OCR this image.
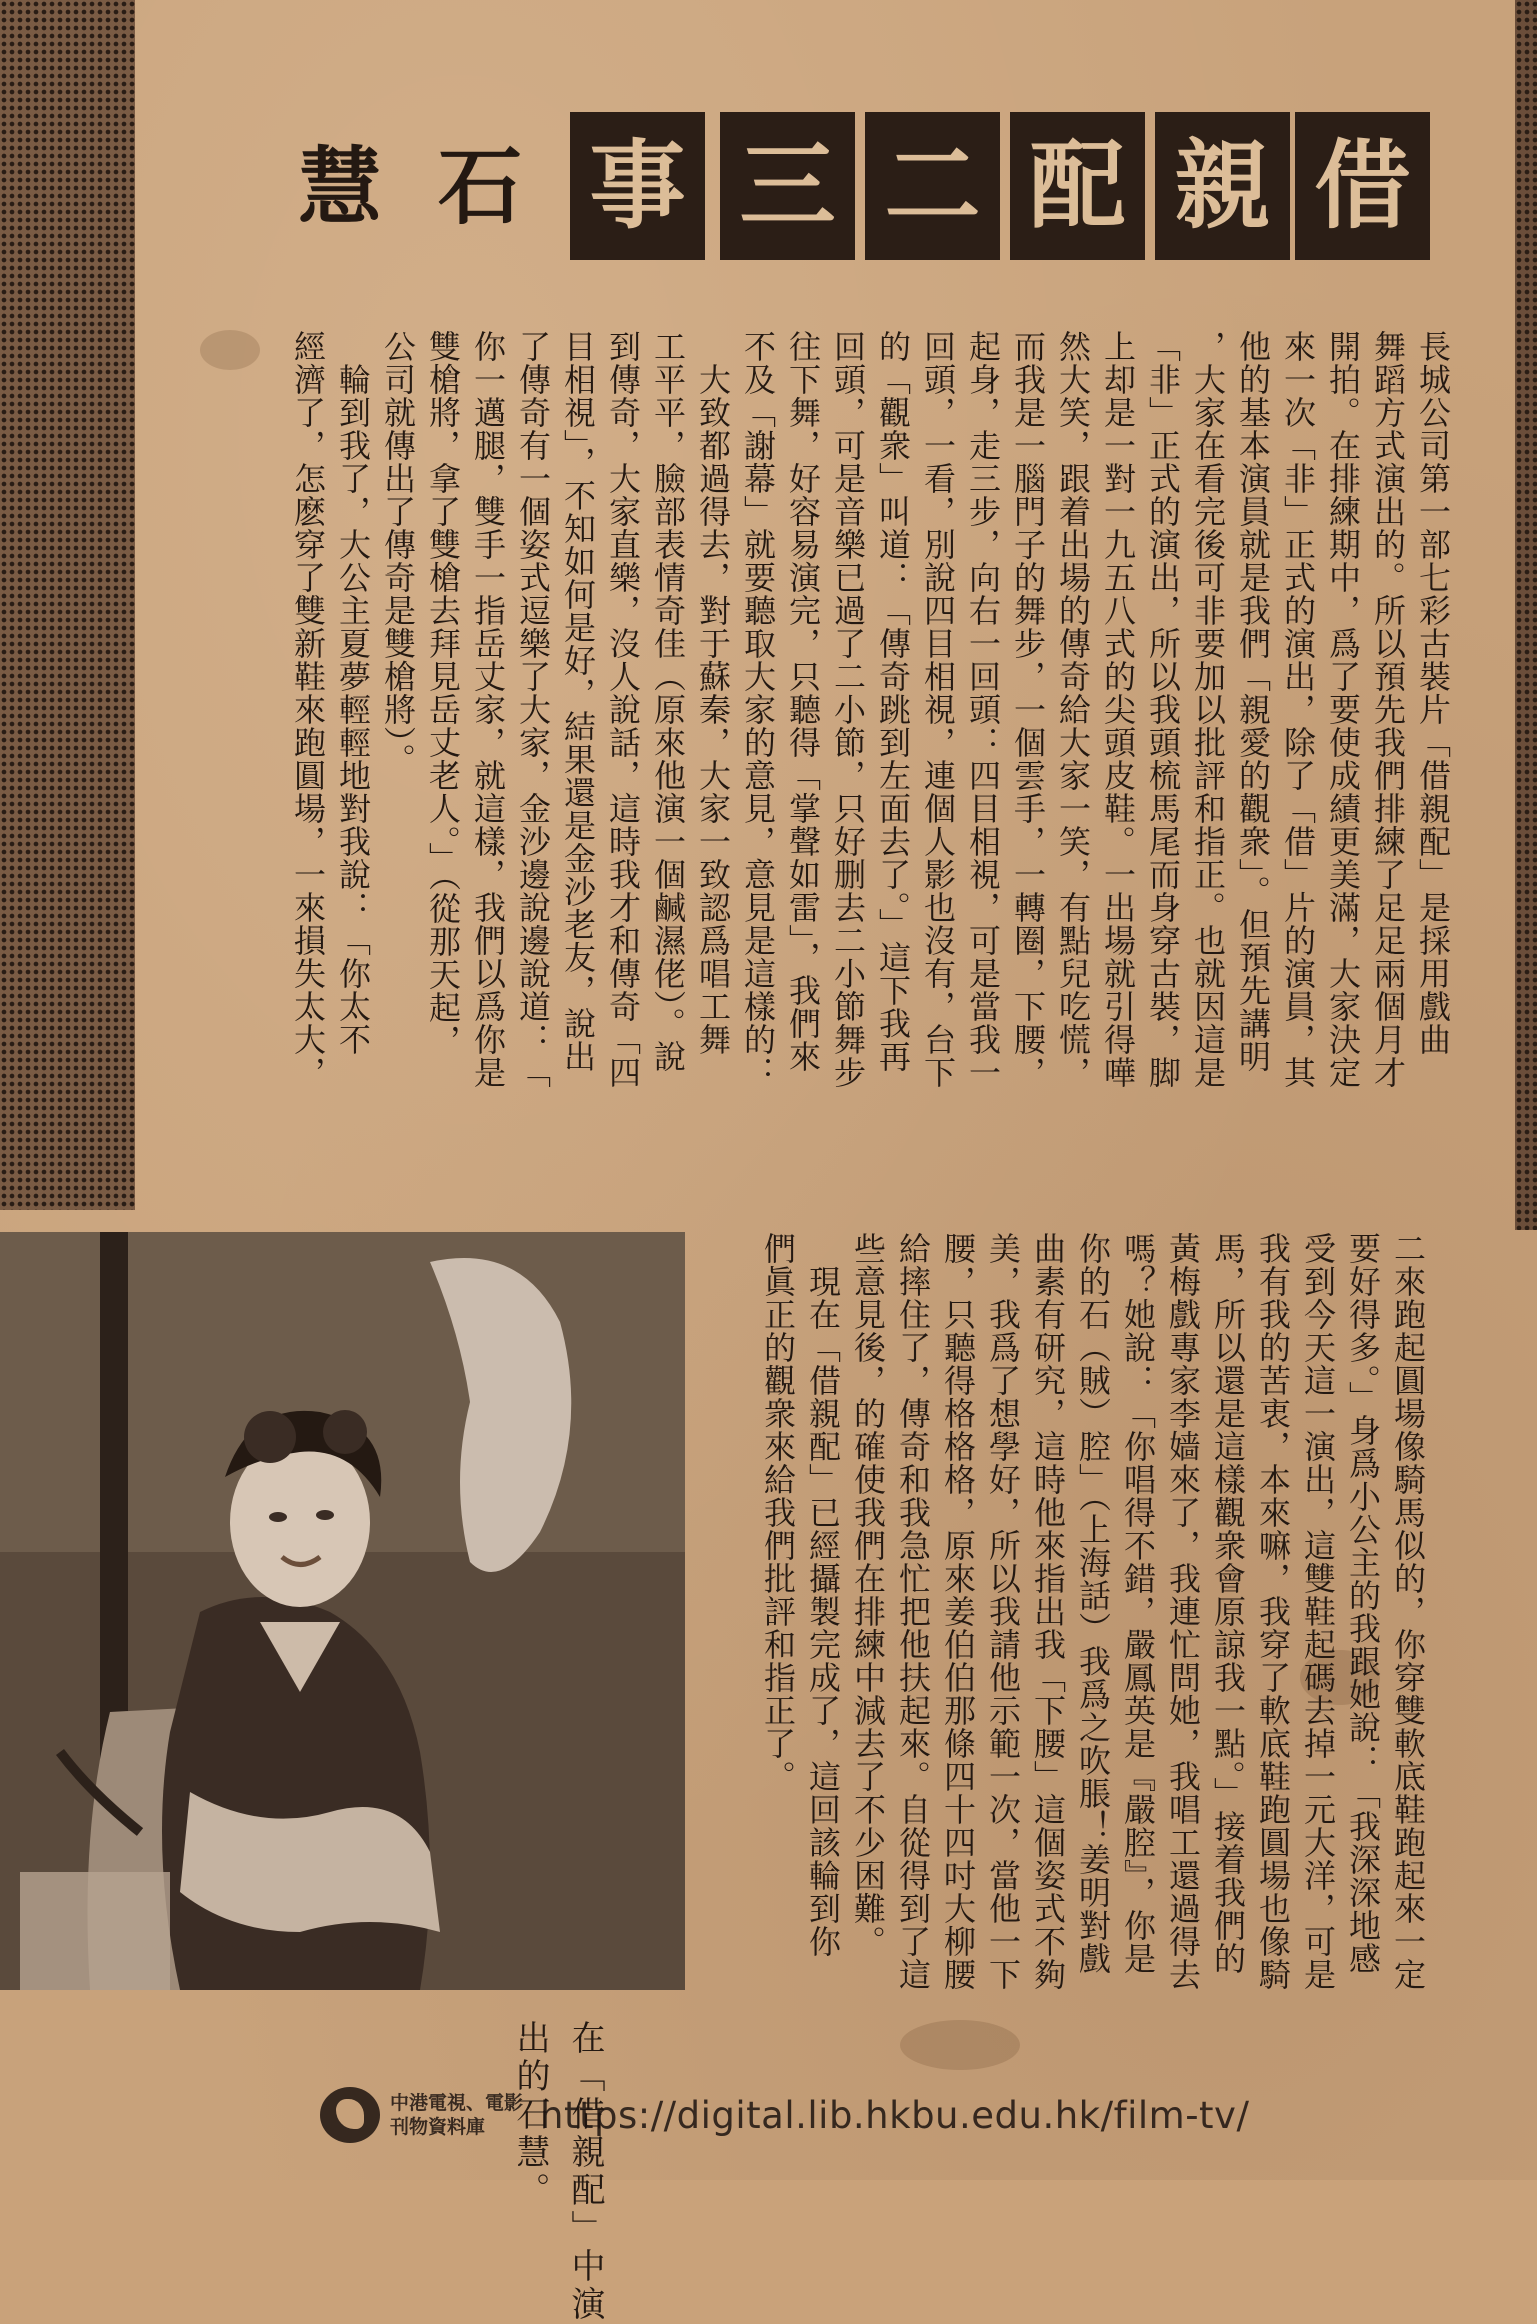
慧 石 事 三 二 配 親 借
長城公司第一部七彩古裝片「借親配」是採用戲曲
舞蹈方式演出的。所以預先我們排練了足足兩個月才
開拍。在排練期中，爲了要使成績更美滿，大家決定
來一次「非」正式的演出，除了「借」片的演員，其
他的基本演員就是我們「親愛的觀衆」。但預先講明
，大家在看完後可非要加以批評和指正。也就因這是
「非」正式的演出，所以我頭梳馬尾而身穿古裝，脚
上却是一對一九五八式的尖頭皮鞋。一出場就引得嘩
然大笑，跟着出場的傳奇給大家一笑，有點兒吃慌，
而我是一腦門子的舞步，一個雲手，一轉圈，下腰，
起身，走三步，向右一回頭：四目相視，可是當我一
回頭，一看，別說四目相視，連個人影也沒有，台下
的「觀衆」叫道：「傳奇跳到左面去了。」這下我再
回頭，可是音樂已過了二小節，只好删去二小節舞步
往下舞，好容易演完，只聽得「掌聲如雷」，我們來
不及「謝幕」就要聽取大家的意見，意見是這樣的：
　大致都過得去，對于蘇秦，大家一致認爲唱工舞
工平平，臉部表情奇佳（原來他演一個鹹濕佬）。說
到傳奇，大家直樂，沒人說話，這時我才和傳奇「四
目相視」，不知如何是好，結果還是金沙老友，說出
了傳奇有一個姿式逗樂了大家，金沙邊說邊說道：「
你一邁腿，雙手一指岳丈家，就這樣，我們以爲你是
雙槍將，拿了雙槍去拜見岳丈老人。」（從那天起，
公司就傳出了傳奇是雙槍將）。
　輪到我了，大公主夏夢輕輕地對我說：「你太不
經濟了，怎麽穿了雙新鞋來跑圓場，一來損失太大，
二來跑起圓場像騎馬似的，你穿雙軟底鞋跑起來一定
要好得多。」身爲小公主的我跟她說：「我深深地感
受到今天這一演出，這雙鞋起碼去掉一元大洋，可是
我有我的苦衷，本來嘛，我穿了軟底鞋跑圓場也像騎
馬，所以還是這樣觀衆會原諒我一點。」接着我們的
黃梅戲專家李嫱來了，我連忙問她，我唱工還過得去
嗎？她說：「你唱得不錯，嚴鳳英是『嚴腔』，你是
你的石（賊）腔」（上海話）我爲之吹脹！姜明對戲
曲素有研究，這時他來指出我「下腰」這個姿式不夠
美，我爲了想學好，所以我請他示範一次，當他一下
腰，只聽得格格格，原來姜伯伯那條四十四吋大柳腰
給摔住了，傳奇和我急忙把他扶起來。自從得到了這
些意見後，的確使我們在排練中減去了不少困難。
　現在「借親配」已經攝製完成了，這回該輪到你
們眞正的觀衆來給我們批評和指正了。
在「借親配」中演
出的石慧。
中港電視、電影
刊物資料庫	https://digital.lib.hkbu.edu.hk/film-tv/
